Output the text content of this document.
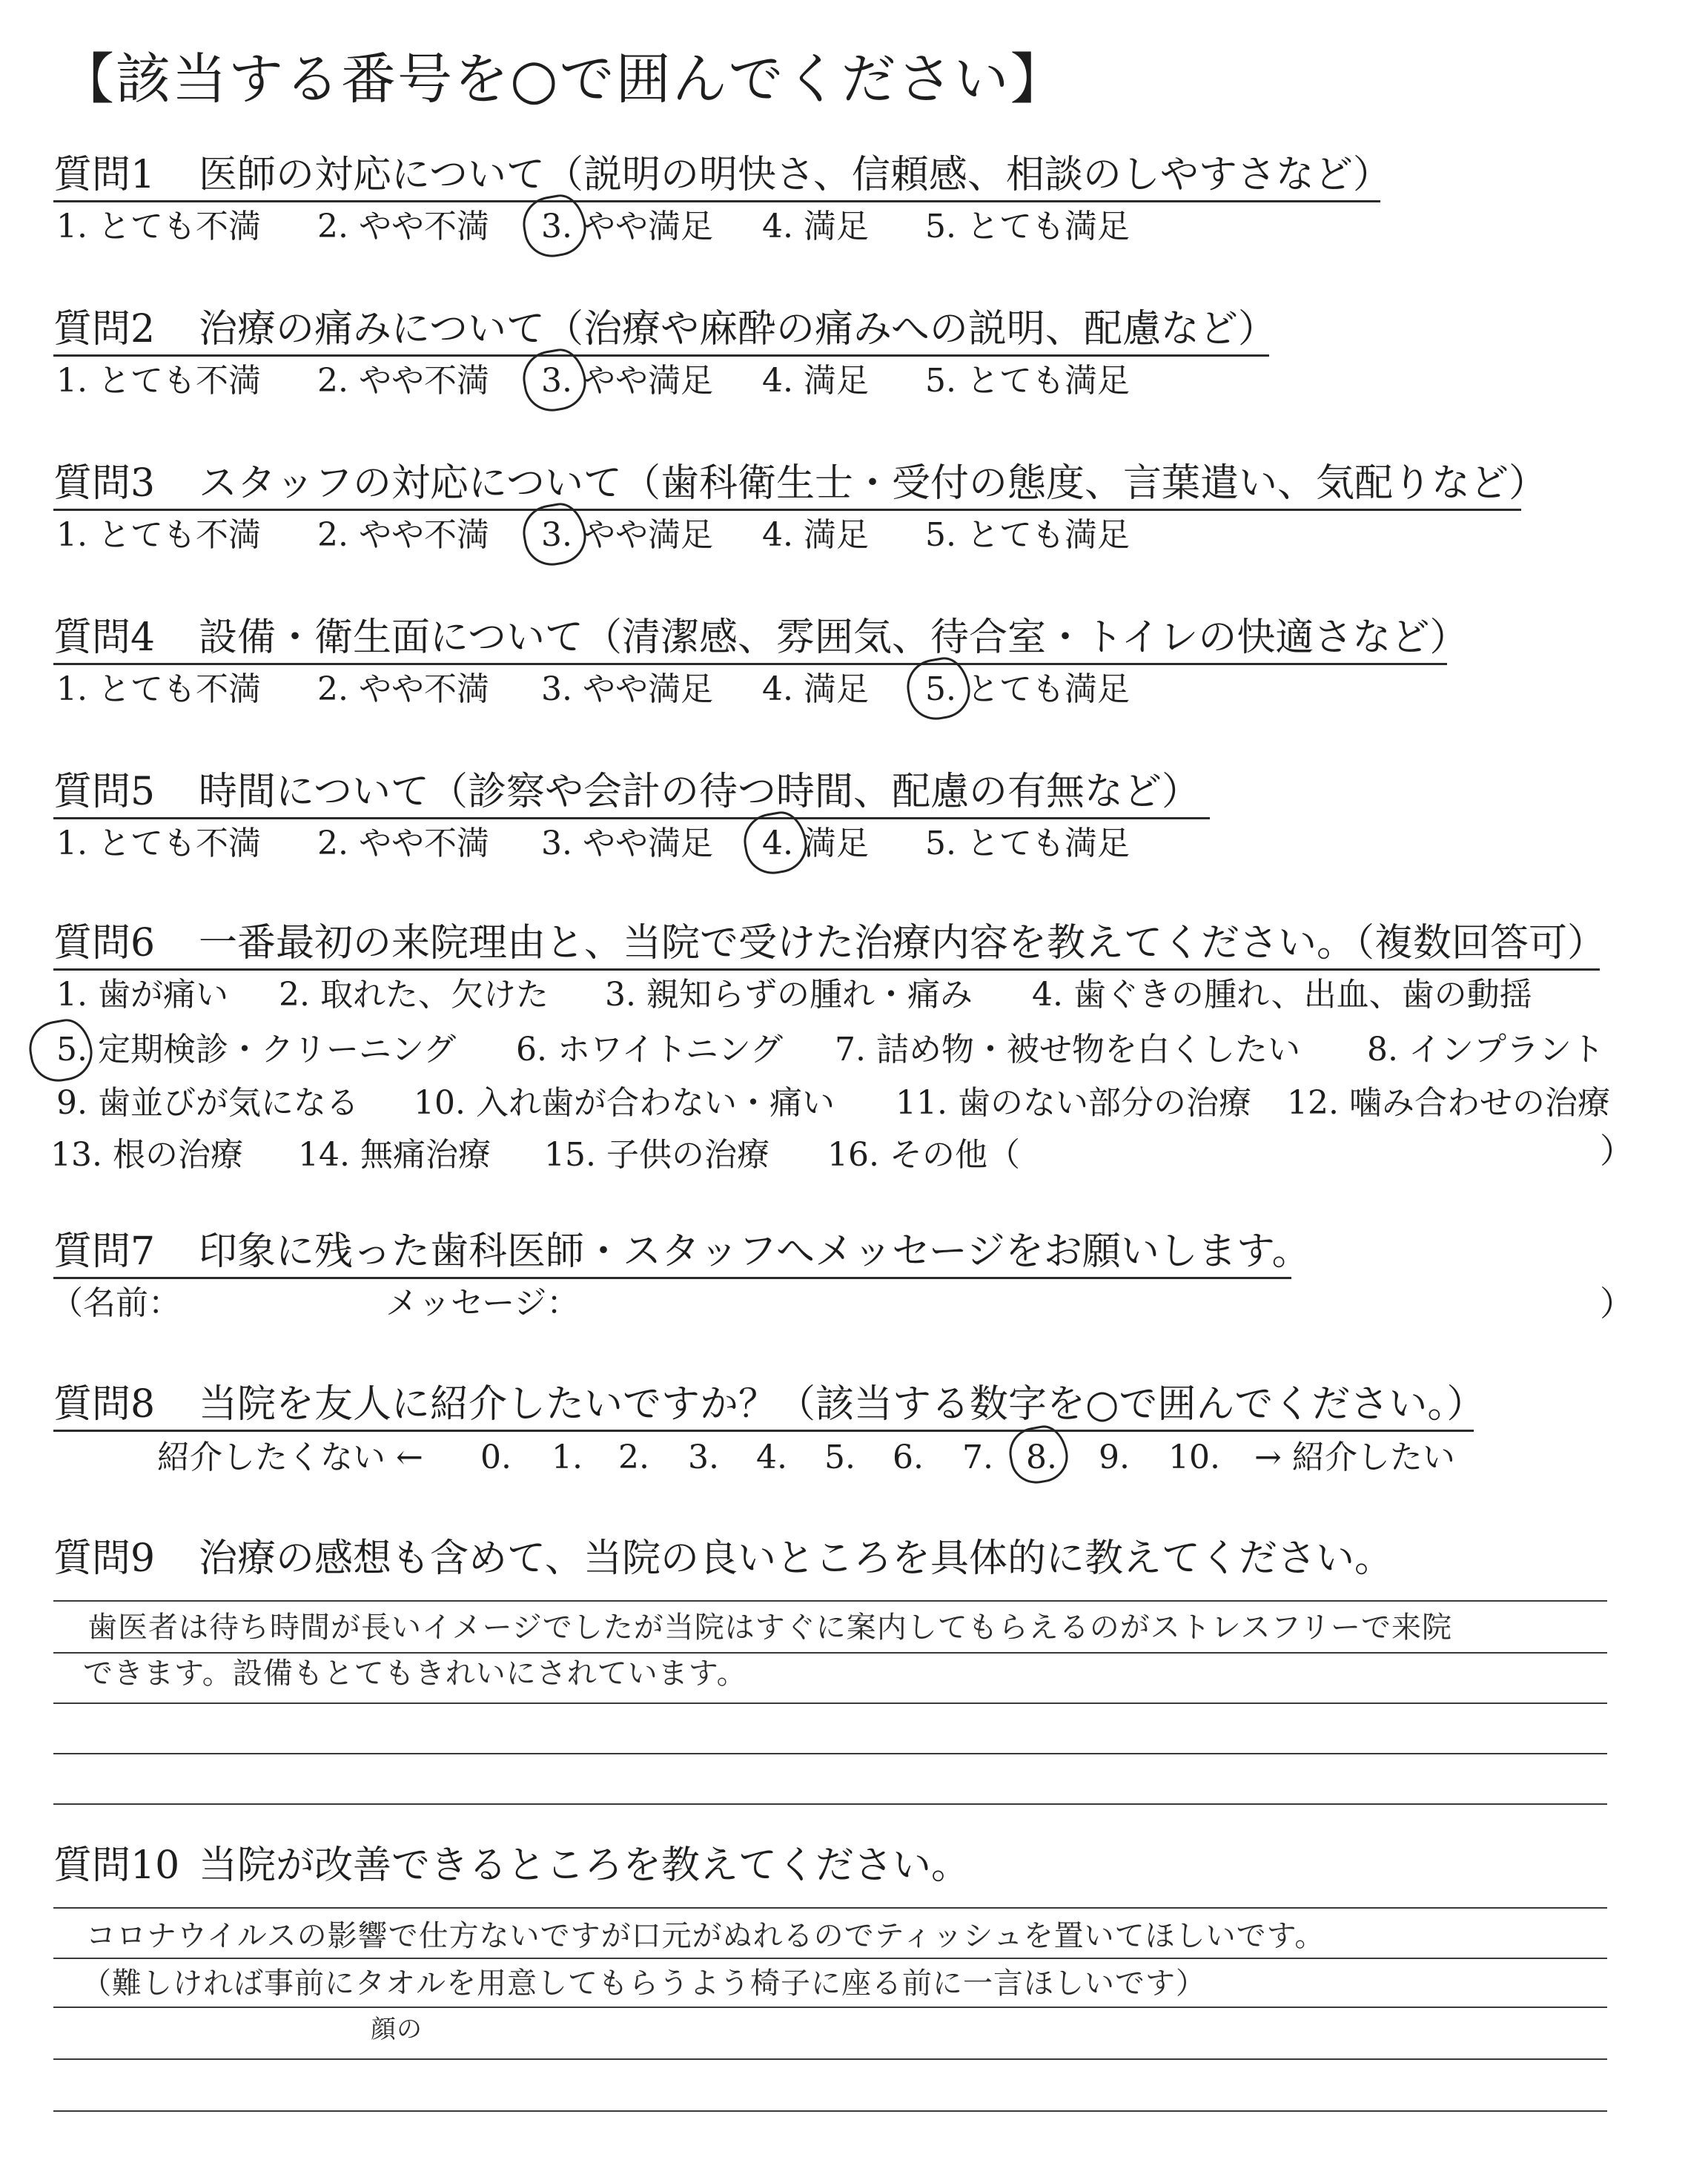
【該当する番号を○で囲んでください】
質問1 医師の対応について（説明の明快さ、信頼感、相談のしやすさなど）
1. とても不満 2. やや不満 3. やや満足 4. 満足 5. とても満足
質問2 治療の痛みについて（治療や麻酔の痛みへの説明、配慮など）
1. とても不満 2. やや不満 3. やや満足 4. 満足 5. とても満足
質問3 スタッフの対応について（歯科衛生士・受付の態度、言葉遣い、気配りなど）
1. とても不満 2. やや不満 3. やや満足 4. 満足 5. とても満足
質問4 設備・衛生面について（清潔感、雰囲気、待合室・トイレの快適さなど）
1. とても不満 2. やや不満 3. やや満足 4. 満足 5. とても満足
質問5 時間について（診察や会計の待つ時間、配慮の有無など）
1. とても不満 2. やや不満 3. やや満足 4. 満足 5. とても満足
質問6 一番最初の来院理由と、当院で受けた治療内容を教えてください。（複数回答可）
1. 歯が痛い 2. 取れた、欠けた 3. 親知らずの腫れ・痛み 4. 歯ぐきの腫れ、出血、歯の動揺
5. 定期検診・クリーニング 6. ホワイトニング 7. 詰め物・被せ物を白くしたい 8. インプラント
9. 歯並びが気になる 10. 入れ歯が合わない・痛い 11. 歯のない部分の治療 12. 噛み合わせの治療
13. 根の治療 14. 無痛治療 15. 子供の治療 16. その他（	）
質問7 印象に残った歯科医師・スタッフへメッセージをお願いします。
（名前：	メッセージ：	）
質問8 当院を友人に紹介したいですか？（該当する数字を○で囲んでください。）
紹介したくない ←	→ 紹介したい
0. 1. 2. 3. 4. 5. 6. 7. 8. 9. 10.
質問9 治療の感想も含めて、当院の良いところを具体的に教えてください。
歯医者は待ち時間が長いイメージでしたが当院はすぐに案内してもらえるのがストレスフリーで来院
できます。設備もとてもきれいにされています。
質問10 当院が改善できるところを教えてください。
コロナウイルスの影響で仕方ないですが口元がぬれるのでティッシュを置いてほしいです。
（難しければ事前にタオルを用意してもらうよう椅子に座る前に一言ほしいです）
顔の
